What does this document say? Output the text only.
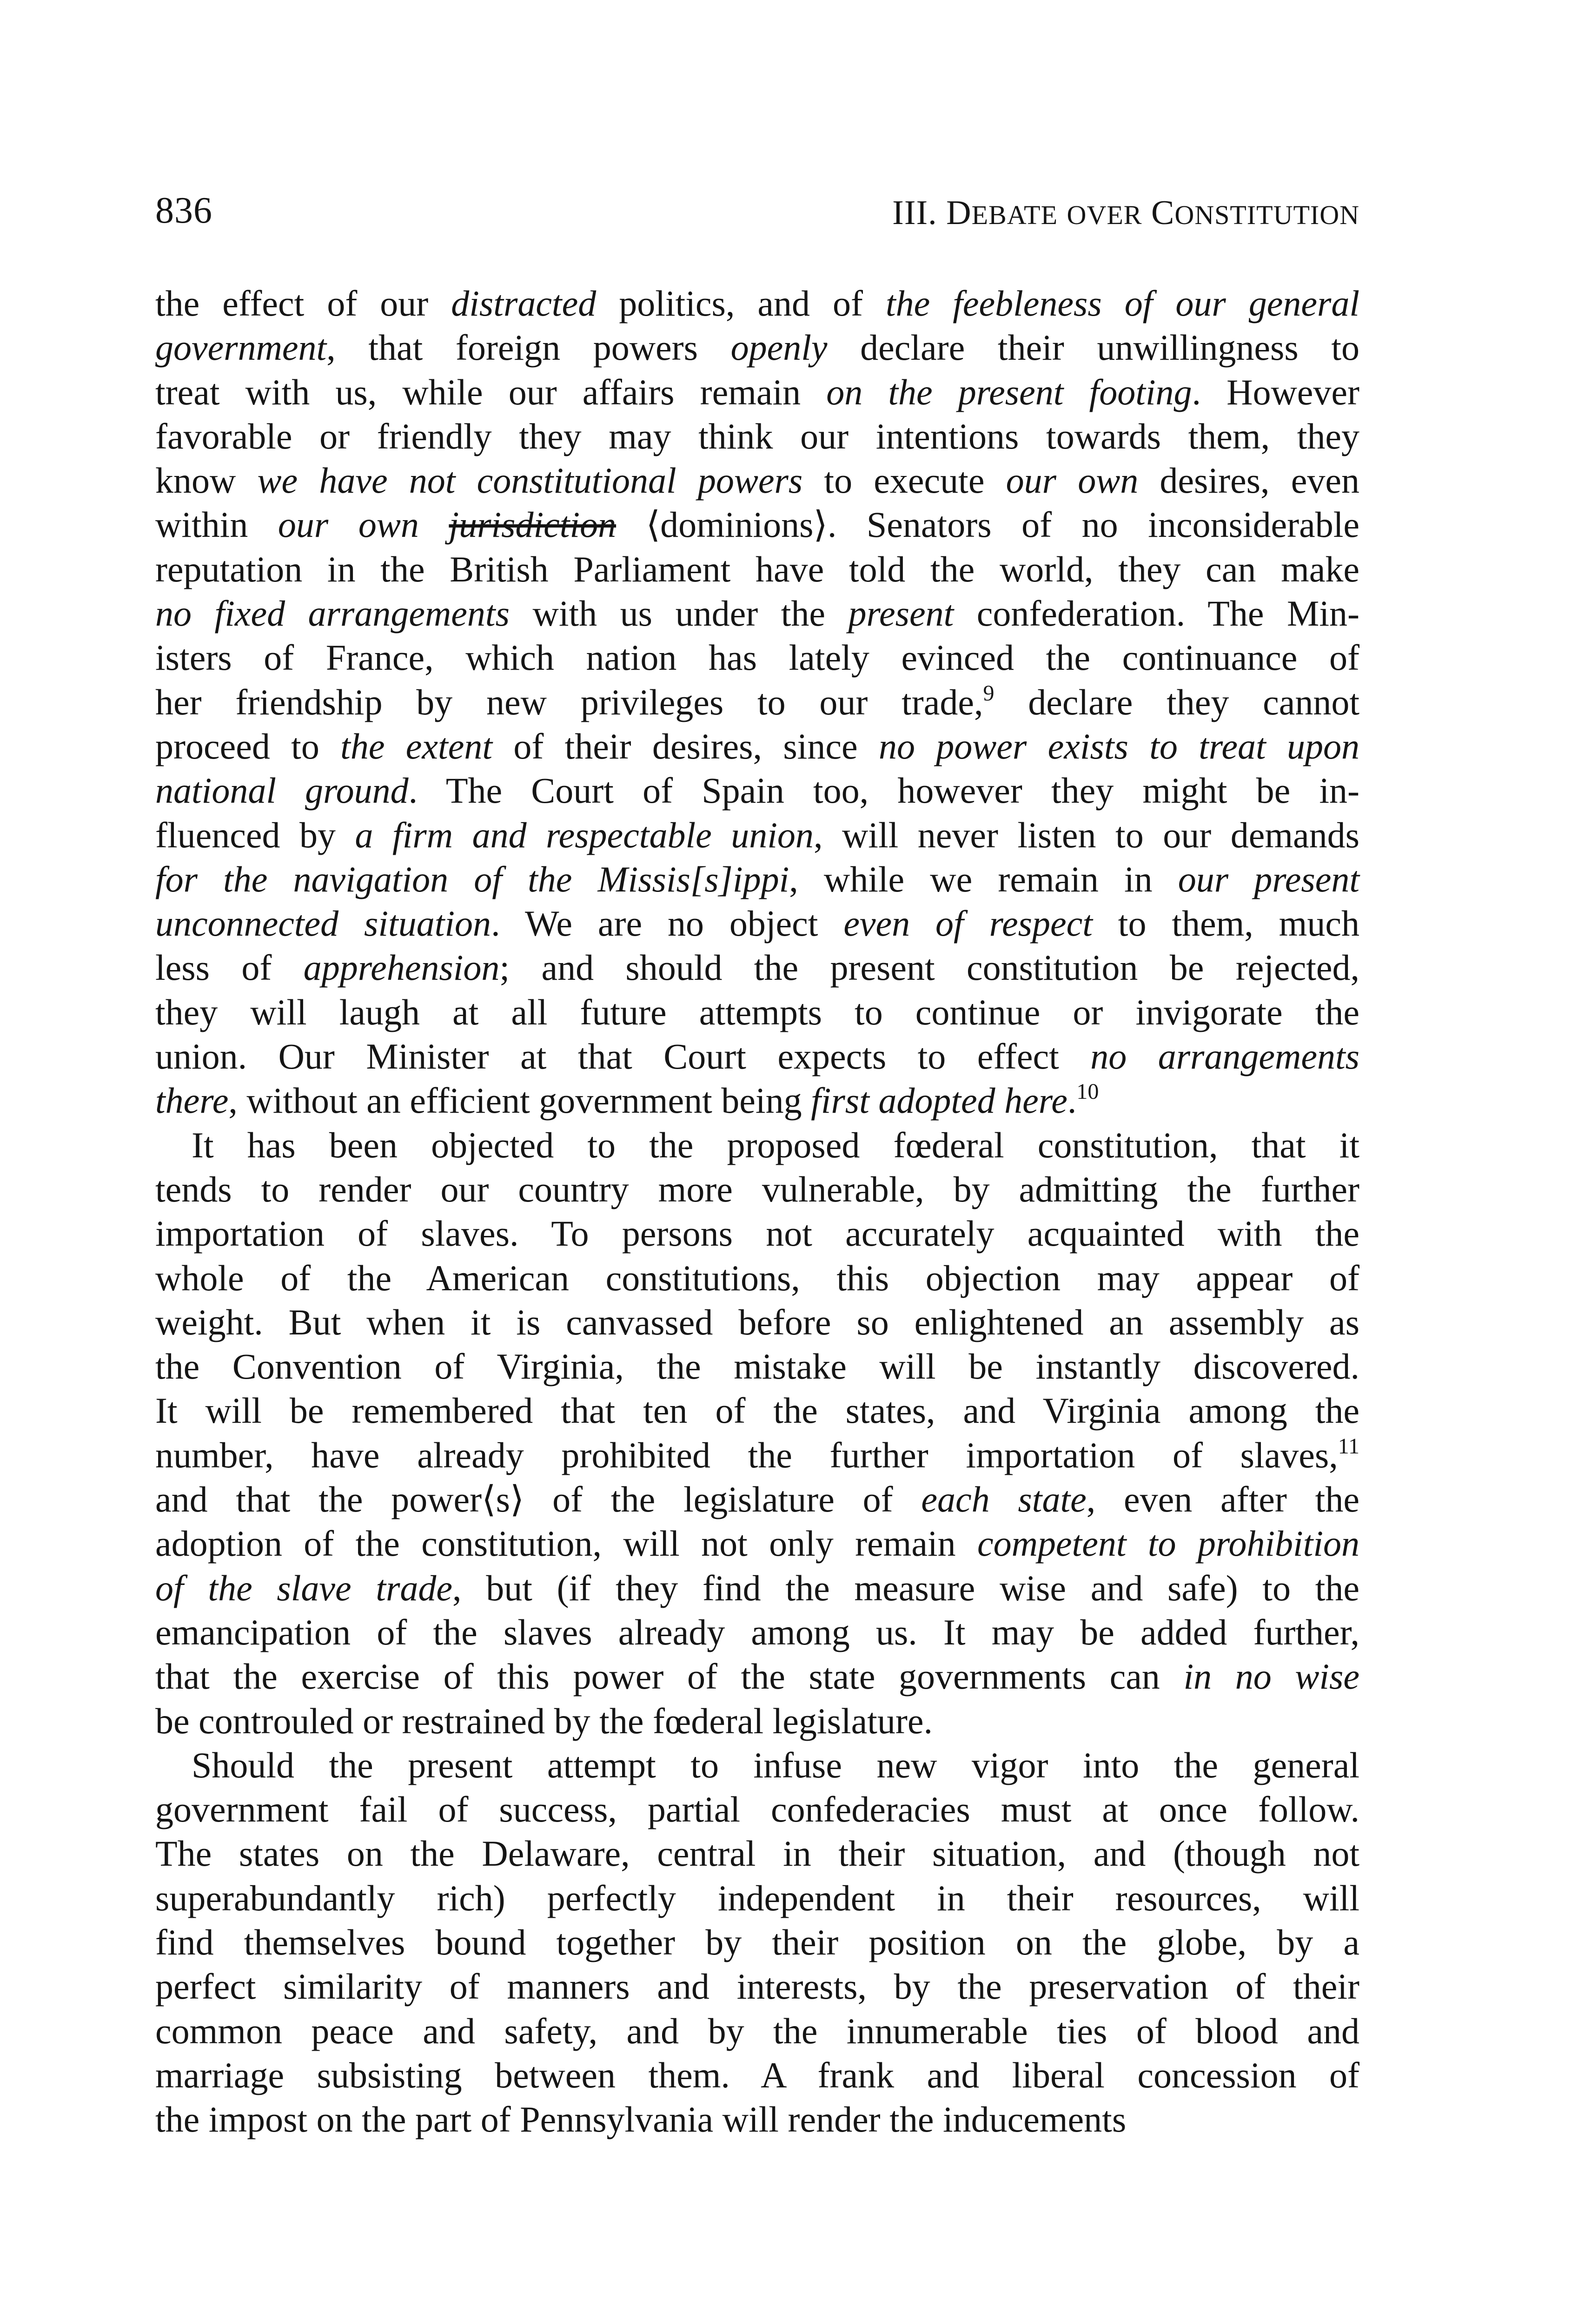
836	III. DEBATE OVER CONSTITUTION
the effect of our distracted politics, and of the feebleness of our general
government, that foreign powers openly declare their unwillingness to
treat with us, while our affairs remain on the present footing. However
favorable or friendly they may think our intentions towards them, they
know we have not constitutional powers to execute our own desires, even
within our own jurisdiction ⟨dominions⟩. Senators of no inconsiderable
reputation in the British Parliament have told the world, they can make
no fixed arrangements with us under the present confederation. The Min-
isters of France, which nation has lately evinced the continuance of
her friendship by new privileges to our trade,$^9$ declare they cannot
proceed to the extent of their desires, since no power exists to treat upon
national ground. The Court of Spain too, however they might be in-
fluenced by a firm and respectable union, will never listen to our demands
for the navigation of the Missis[s]ippi, while we remain in our present
unconnected situation. We are no object even of respect to them, much
less of apprehension; and should the present constitution be rejected,
they will laugh at all future attempts to continue or invigorate the
union. Our Minister at that Court expects to effect no arrangements
there, without an efficient government being first adopted here.$^{10}$
It has been objected to the proposed fœderal constitution, that it
tends to render our country more vulnerable, by admitting the further
importation of slaves. To persons not accurately acquainted with the
whole of the American constitutions, this objection may appear of
weight. But when it is canvassed before so enlightened an assembly as
the Convention of Virginia, the mistake will be instantly discovered.
It will be remembered that ten of the states, and Virginia among the
number, have already prohibited the further importation of slaves,$^{11}$
and that the power⟨s⟩ of the legislature of each state, even after the
adoption of the constitution, will not only remain competent to prohibition
of the slave trade, but (if they find the measure wise and safe) to the
emancipation of the slaves already among us. It may be added further,
that the exercise of this power of the state governments can in no wise
be controuled or restrained by the fœderal legislature.
Should the present attempt to infuse new vigor into the general
government fail of success, partial confederacies must at once follow.
The states on the Delaware, central in their situation, and (though not
superabundantly rich) perfectly independent in their resources, will
find themselves bound together by their position on the globe, by a
perfect similarity of manners and interests, by the preservation of their
common peace and safety, and by the innumerable ties of blood and
marriage subsisting between them. A frank and liberal concession of
the impost on the part of Pennsylvania will render the inducements
